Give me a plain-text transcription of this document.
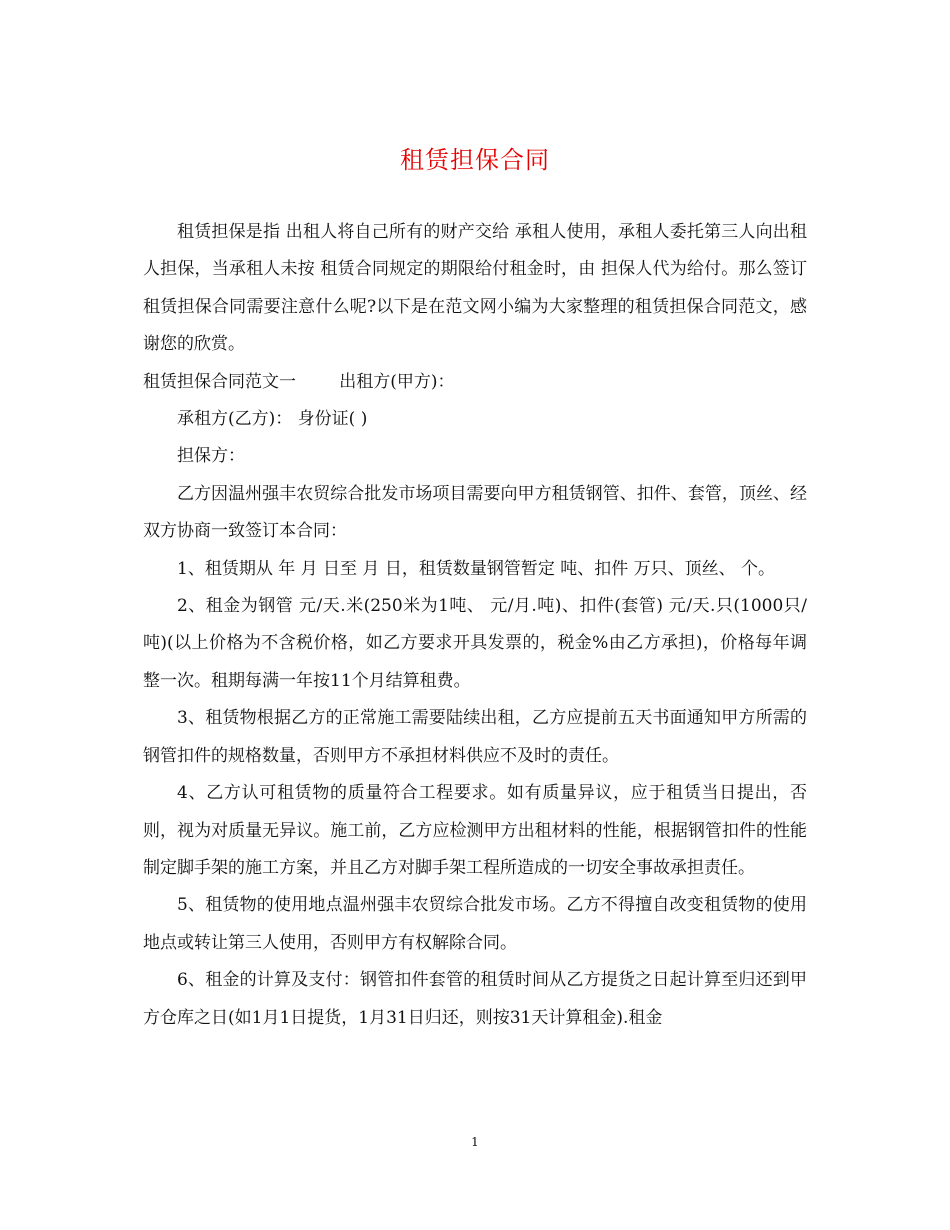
租赁担保合同

租赁担保是指 出租人将自己所有的财产交给 承租人使用，承租人委托第三人向出租人担保，当承租人未按 租赁合同规定的期限给付租金时，由 担保人代为给付。那么签订租赁担保合同需要注意什么呢?以下是在范文网小编为大家整理的租赁担保合同范文，感谢您的欣赏。

租赁担保合同范文一	出租方(甲方)：

承租方(乙方)： 身份证( )

担保方：

乙方因温州强丰农贸综合批发市场项目需要向甲方租赁钢管、扣件、套管，顶丝、经双方协商一致签订本合同：

1、租赁期从 年 月 日至 月 日，租赁数量钢管暂定 吨、扣件 万只、顶丝、 个。

2、租金为钢管 元/天.米(250米为1吨、 元/月.吨)、扣件(套管) 元/天.只(1000只/吨)(以上价格为不含税价格，如乙方要求开具发票的，税金%由乙方承担)，价格每年调整一次。租期每满一年按11个月结算租费。

3、租赁物根据乙方的正常施工需要陆续出租，乙方应提前五天书面通知甲方所需的钢管扣件的规格数量，否则甲方不承担材料供应不及时的责任。

4、乙方认可租赁物的质量符合工程要求。如有质量异议，应于租赁当日提出，否则，视为对质量无异议。施工前，乙方应检测甲方出租材料的性能，根据钢管扣件的性能制定脚手架的施工方案，并且乙方对脚手架工程所造成的一切安全事故承担责任。

5、租赁物的使用地点温州强丰农贸综合批发市场。乙方不得擅自改变租赁物的使用地点或转让第三人使用，否则甲方有权解除合同。

6、租金的计算及支付：钢管扣件套管的租赁时间从乙方提货之日起计算至归还到甲方仓库之日(如1月1日提货，1月31日归还，则按31天计算租金).租金

1
